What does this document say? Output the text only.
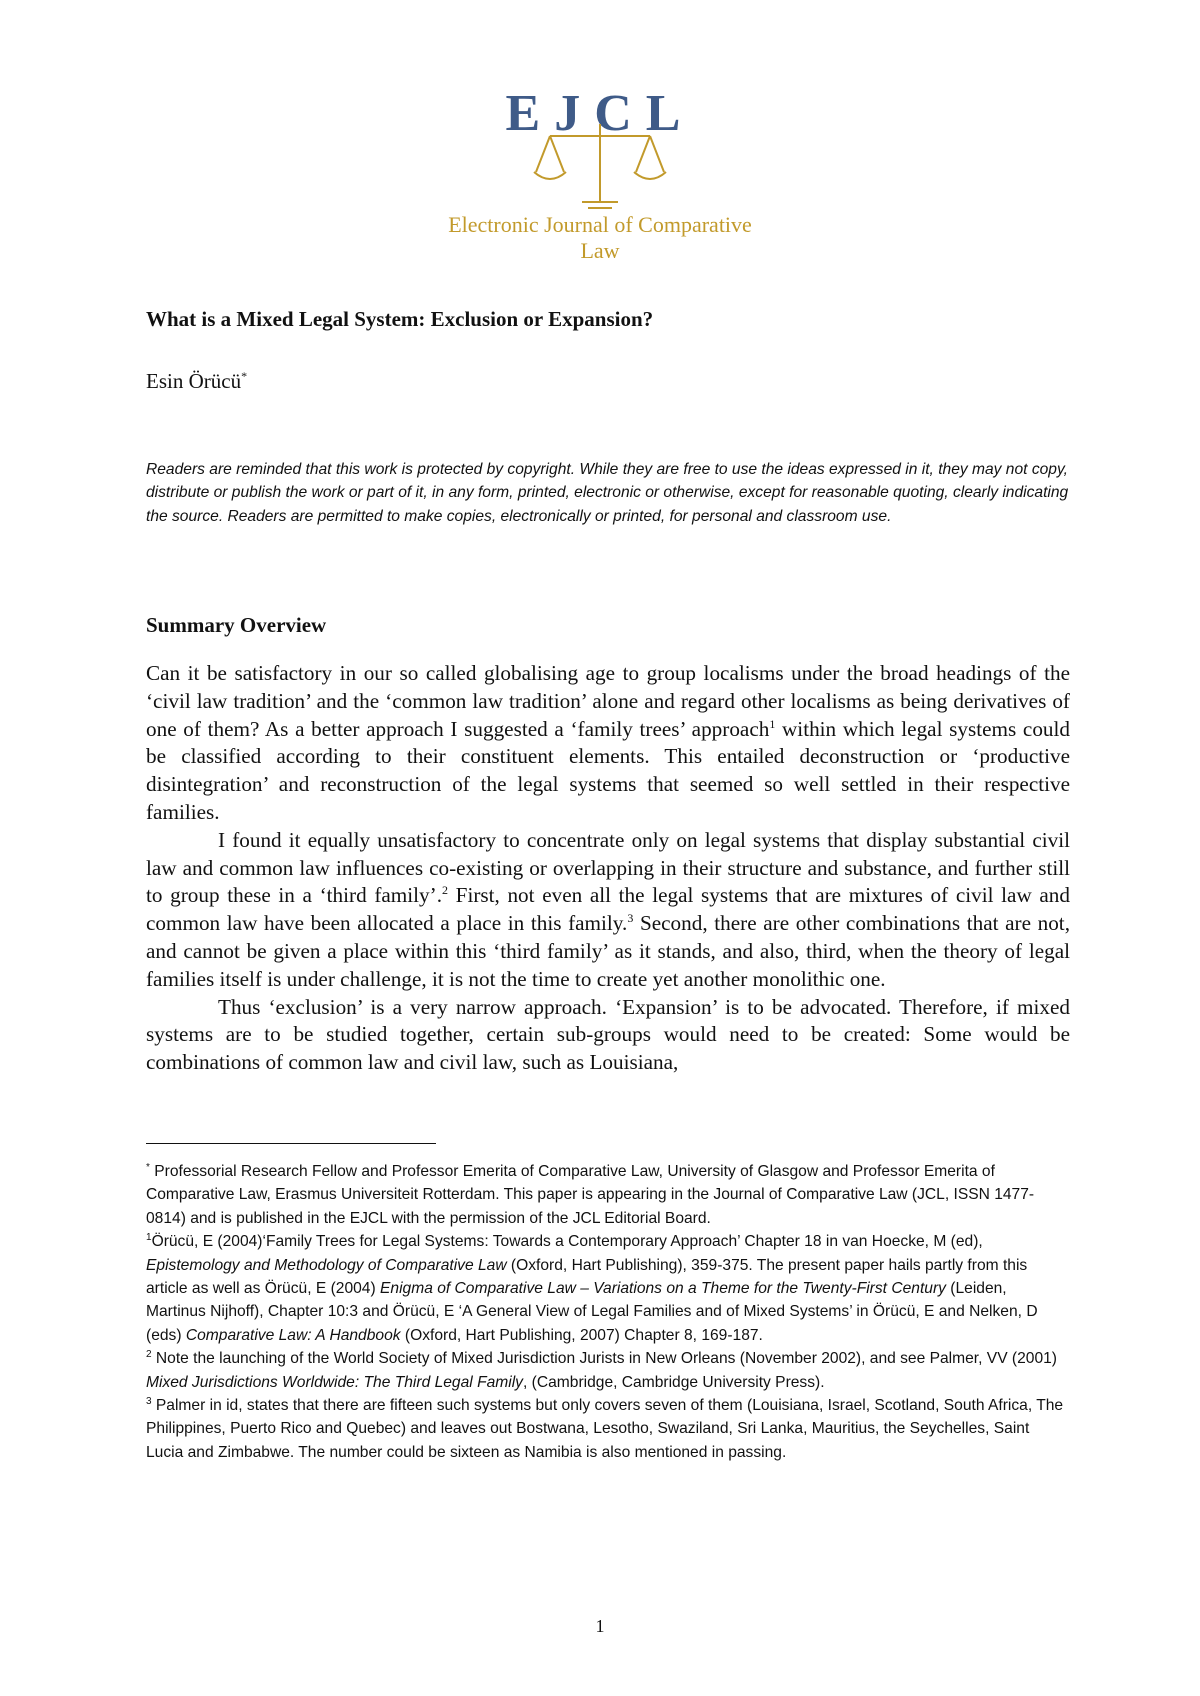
EJCL
Electronic Journal of Comparative Law
What is a Mixed Legal System: Exclusion or Expansion?

Esin Örücü*

Readers are reminded that this work is protected by copyright. While they are free to use the ideas expressed in it, they may not copy, distribute or publish the work or part of it, in any form, printed, electronic or otherwise, except for reasonable quoting, clearly indicating the source. Readers are permitted to make copies, electronically or printed, for personal and classroom use.

Summary Overview

Can it be satisfactory in our so called globalising age to group localisms under the broad headings of the ‘civil law tradition’ and the ‘common law tradition’ alone and regard other localisms as being derivatives of one of them? As a better approach I suggested a ‘family trees’ approach$^1$ within which legal systems could be classified according to their constituent elements. This entailed deconstruction or ‘productive disintegration’ and reconstruction of the legal systems that seemed so well settled in their respective families.

I found it equally unsatisfactory to concentrate only on legal systems that display substantial civil law and common law influences co-existing or overlapping in their structure and substance, and further still to group these in a ‘third family’.$^2$ First, not even all the legal systems that are mixtures of civil law and common law have been allocated a place in this family.$^3$ Second, there are other combinations that are not, and cannot be given a place within this ‘third family’ as it stands, and also, third, when the theory of legal families itself is under challenge, it is not the time to create yet another monolithic one.

Thus ‘exclusion’ is a very narrow approach. ‘Expansion’ is to be advocated. Therefore, if mixed systems are to be studied together, certain sub-groups would need to be created: Some would be combinations of common law and civil law, such as Louisiana,

* Professorial Research Fellow and Professor Emerita of Comparative Law, University of Glasgow and Professor Emerita of Comparative Law, Erasmus Universiteit Rotterdam. This paper is appearing in the Journal of Comparative Law (JCL, ISSN 1477-0814) and is published in the EJCL with the permission of the JCL Editorial Board.

$^1$Örücü, E (2004)‘Family Trees for Legal Systems: Towards a Contemporary Approach’ Chapter 18 in van Hoecke, M (ed), Epistemology and Methodology of Comparative Law (Oxford, Hart Publishing), 359-375. The present paper hails partly from this article as well as Örücü, E (2004) Enigma of Comparative Law – Variations on a Theme for the Twenty-First Century (Leiden, Martinus Nijhoff), Chapter 10:3 and Örücü, E ‘A General View of Legal Families and of Mixed Systems’ in Örücü, E and Nelken, D (eds) Comparative Law: A Handbook (Oxford, Hart Publishing, 2007) Chapter 8, 169-187.

$^2$ Note the launching of the World Society of Mixed Jurisdiction Jurists in New Orleans (November 2002), and see Palmer, VV (2001) Mixed Jurisdictions Worldwide: The Third Legal Family, (Cambridge, Cambridge University Press).

$^3$ Palmer in id, states that there are fifteen such systems but only covers seven of them (Louisiana, Israel, Scotland, South Africa, The Philippines, Puerto Rico and Quebec) and leaves out Bostwana, Lesotho, Swaziland, Sri Lanka, Mauritius, the Seychelles, Saint Lucia and Zimbabwe. The number could be sixteen as Namibia is also mentioned in passing.

1
